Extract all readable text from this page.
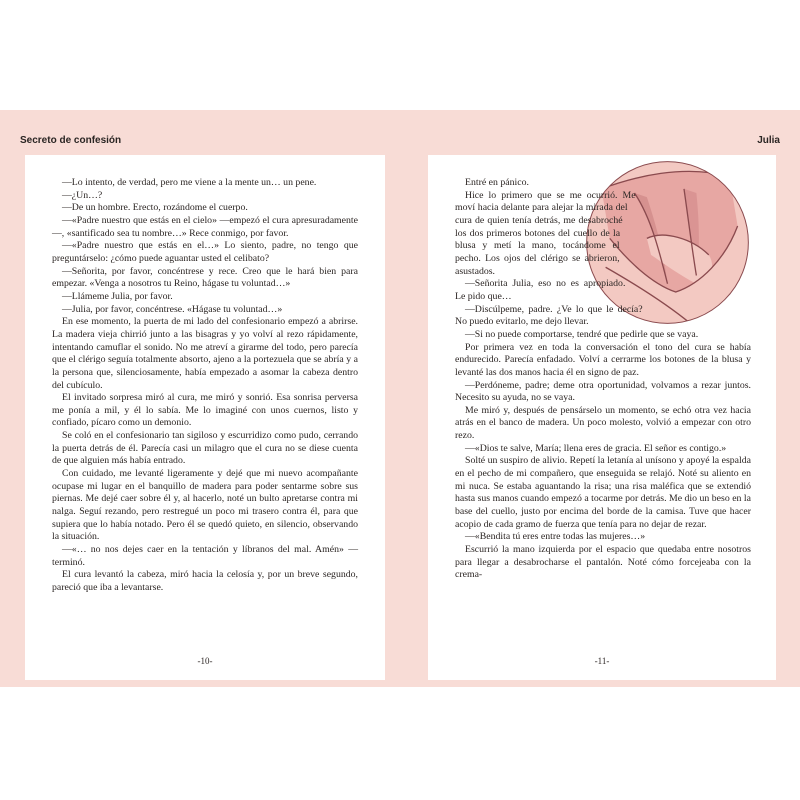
Secreto de confesión	Julia

—Lo intento, de verdad, pero me viene a la mente un… un pene.

—¿Un…?

—De un hombre. Erecto, rozándome el cuerpo.

—«Padre nuestro que estás en el cielo» —empezó el cura apresuradamente—, «santificado sea tu nombre…» Rece conmigo, por favor.

—«Padre nuestro que estás en el…» Lo siento, padre, no tengo que preguntárselo: ¿cómo puede aguantar usted el celibato?

—Señorita, por favor, concéntrese y rece. Creo que le hará bien para empezar. «Venga a nosotros tu Reino, hágase tu voluntad…»

—Llámeme Julia, por favor.

—Julia, por favor, concéntrese. «Hágase tu voluntad…»

En ese momento, la puerta de mi lado del confesionario empezó a abrirse. La madera vieja chirrió junto a las bisagras y yo volví al rezo rápidamente, intentando camuflar el sonido. No me atreví a girarme del todo, pero parecía que el clérigo seguía totalmente absorto, ajeno a la portezuela que se abría y a la persona que, silenciosamente, había empezado a asomar la cabeza dentro del cubículo.

El invitado sorpresa miró al cura, me miró y sonrió. Esa sonrisa perversa me ponía a mil, y él lo sabía. Me lo imaginé con unos cuernos, listo y confiado, pícaro como un demonio.

Se coló en el confesionario tan sigiloso y escurridizo como pudo, cerrando la puerta detrás de él. Parecía casi un milagro que el cura no se diese cuenta de que alguien más había entrado.

Con cuidado, me levanté ligeramente y dejé que mi nuevo acompañante ocupase mi lugar en el banquillo de madera para poder sentarme sobre sus piernas. Me dejé caer sobre él y, al hacerlo, noté un bulto apretarse contra mi nalga. Seguí rezando, pero restregué un poco mi trasero contra él, para que supiera que lo había notado. Pero él se quedó quieto, en silencio, observando la situación.

—«… no nos dejes caer en la tentación y líbranos del mal. Amén» —terminó.

El cura levantó la cabeza, miró hacia la celosía y, por un breve segundo, pareció que iba a levantarse.

-10-

Entré en pánico.

Hice lo primero que se me ocurrió. Me moví hacia delante para alejar la mirada del cura de quien tenía detrás, me desabroché los dos primeros botones del cuello de la blusa y metí la mano, tocándome el pecho. Los ojos del clérigo se abrieron, asustados.

—Señorita Julia, eso no es apropiado. Le pido que…

—Discúlpeme, padre. ¿Ve lo que le decía? No puedo evitarlo, me dejo llevar.

—Si no puede comportarse, tendré que pedirle que se vaya.

Por primera vez en toda la conversación el tono del cura se había endurecido. Parecía enfadado. Volví a cerrarme los botones de la blusa y levanté las dos manos hacia él en signo de paz.

—Perdóneme, padre; deme otra oportunidad, volvamos a rezar juntos. Necesito su ayuda, no se vaya.

Me miró y, después de pensárselo un momento, se echó otra vez hacia atrás en el banco de madera. Un poco molesto, volvió a empezar con otro rezo.

—«Dios te salve, María; llena eres de gracia. El señor es contigo.»

Solté un suspiro de alivio. Repetí la letanía al unísono y apoyé la espalda en el pecho de mi compañero, que enseguida se relajó. Noté su aliento en mi nuca. Se estaba aguantando la risa; una risa maléfica que se extendió hasta sus manos cuando empezó a tocarme por detrás. Me dio un beso en la base del cuello, justo por encima del borde de la camisa. Tuve que hacer acopio de cada gramo de fuerza que tenía para no dejar de rezar.

—«Bendita tú eres entre todas las mujeres…»

Escurrió la mano izquierda por el espacio que quedaba entre nosotros para llegar a desabrocharse el pantalón. Noté cómo forcejeaba con la crema-

-11-
